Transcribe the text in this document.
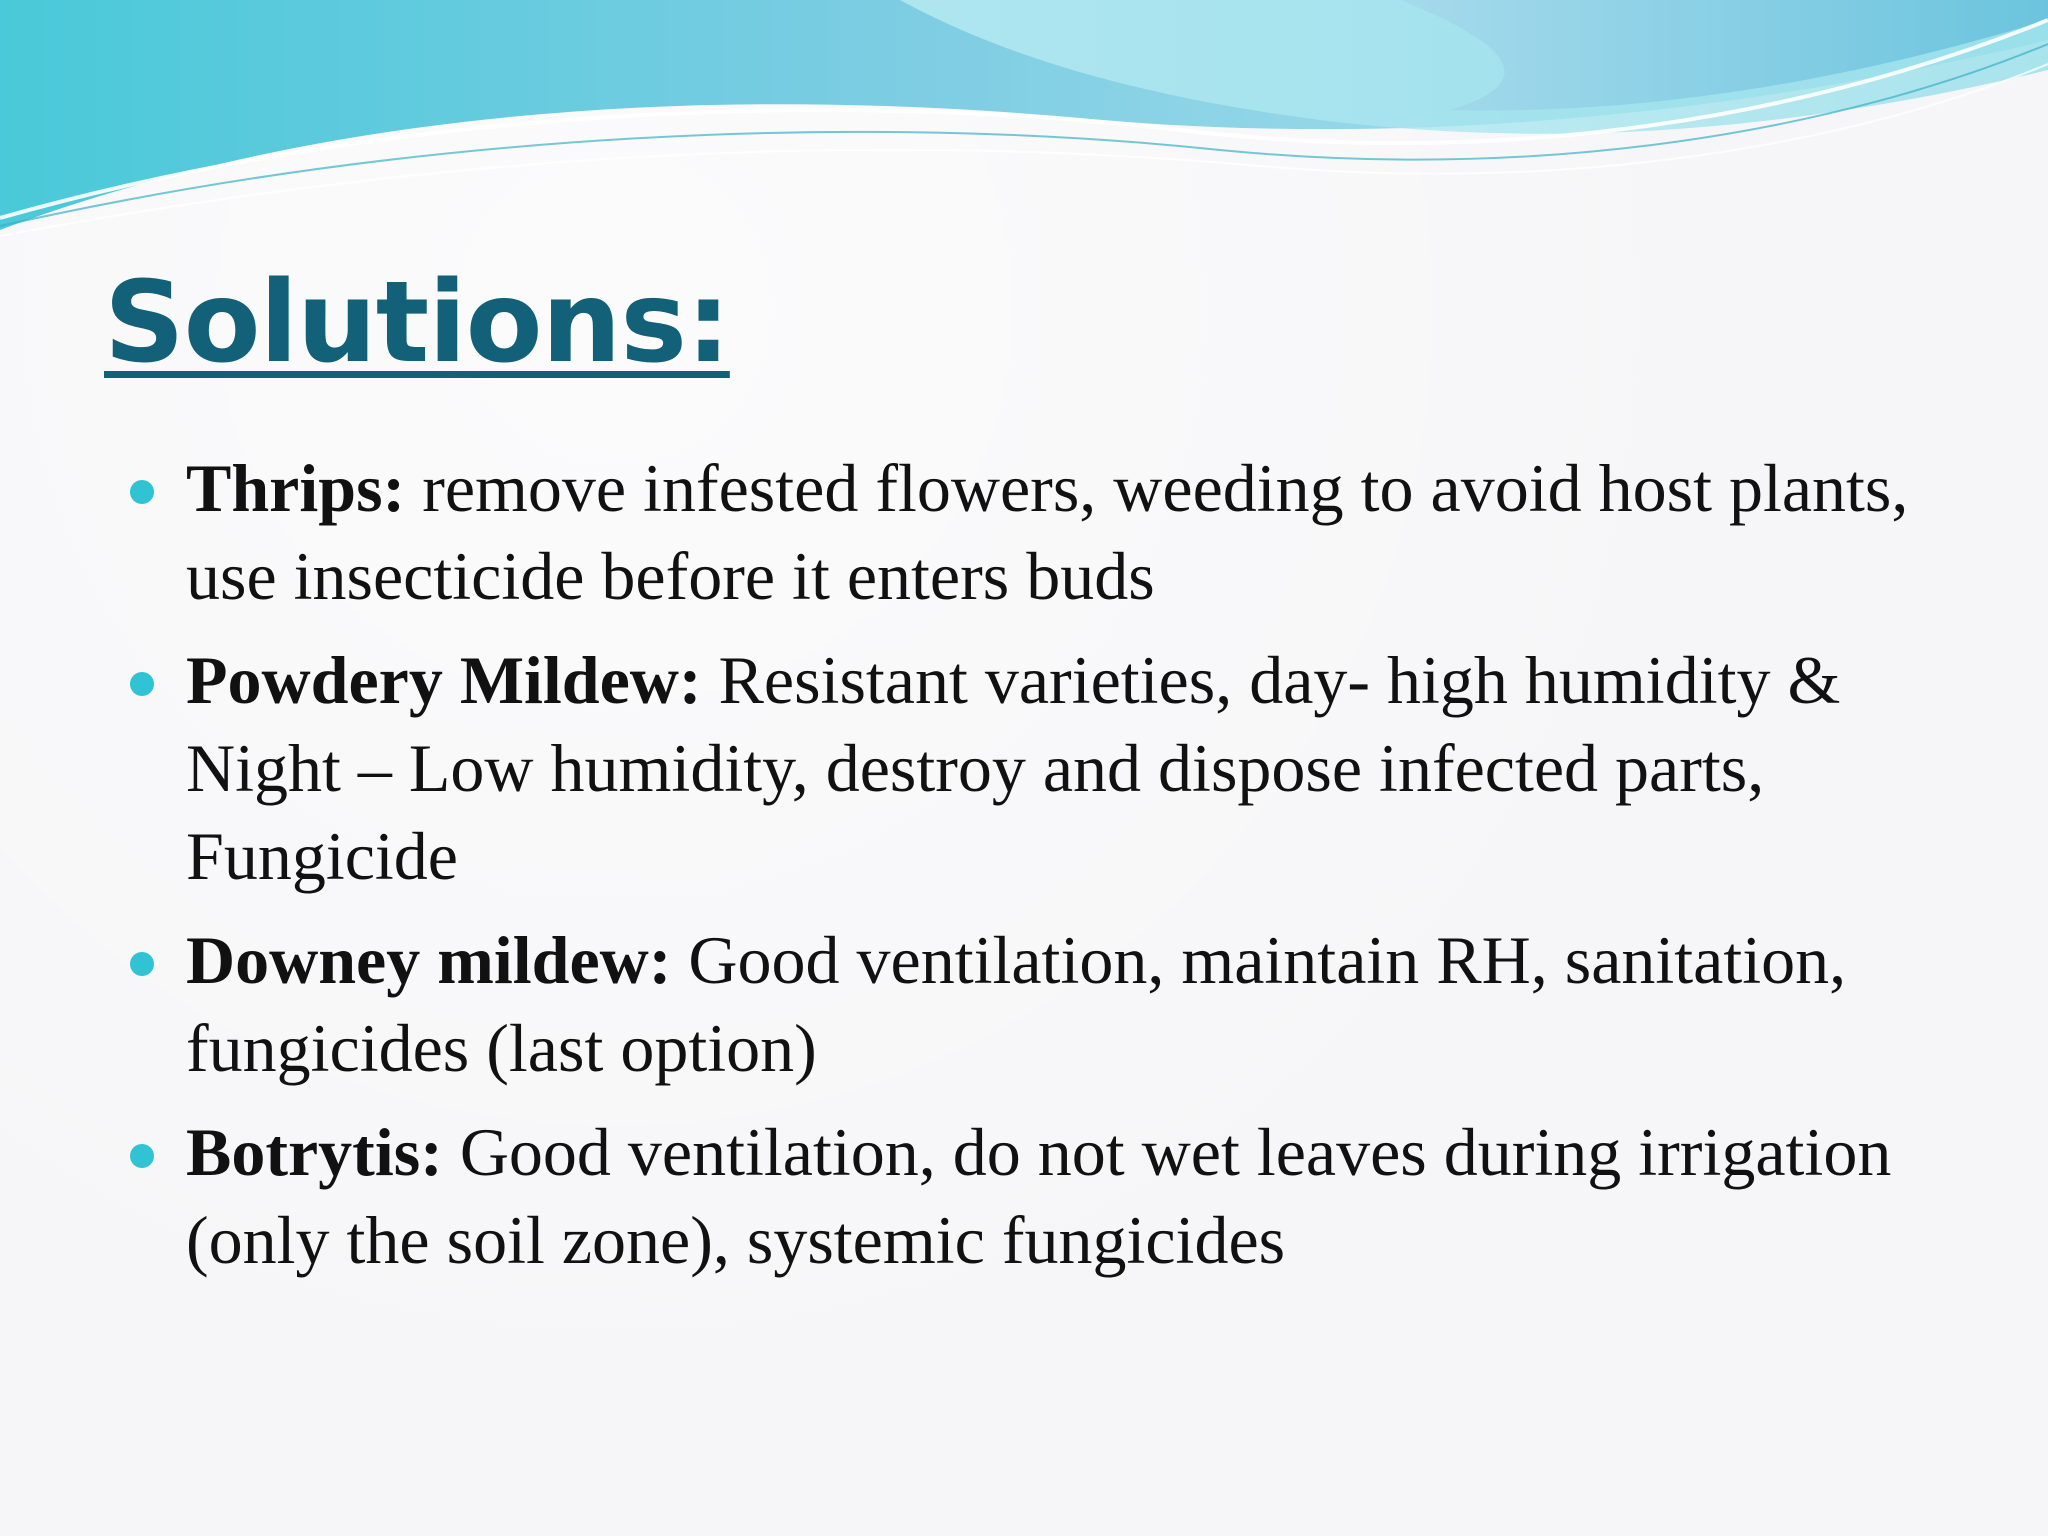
Solutions:
Thrips: remove infested flowers, weeding to avoid host plants, use insecticide before it enters buds
Powdery Mildew: Resistant varieties, day- high humidity & Night – Low humidity, destroy and dispose infected parts, Fungicide
Downey mildew: Good ventilation, maintain RH, sanitation, fungicides (last option)
Botrytis: Good ventilation, do not wet leaves during irrigation (only the soil zone), systemic fungicides
